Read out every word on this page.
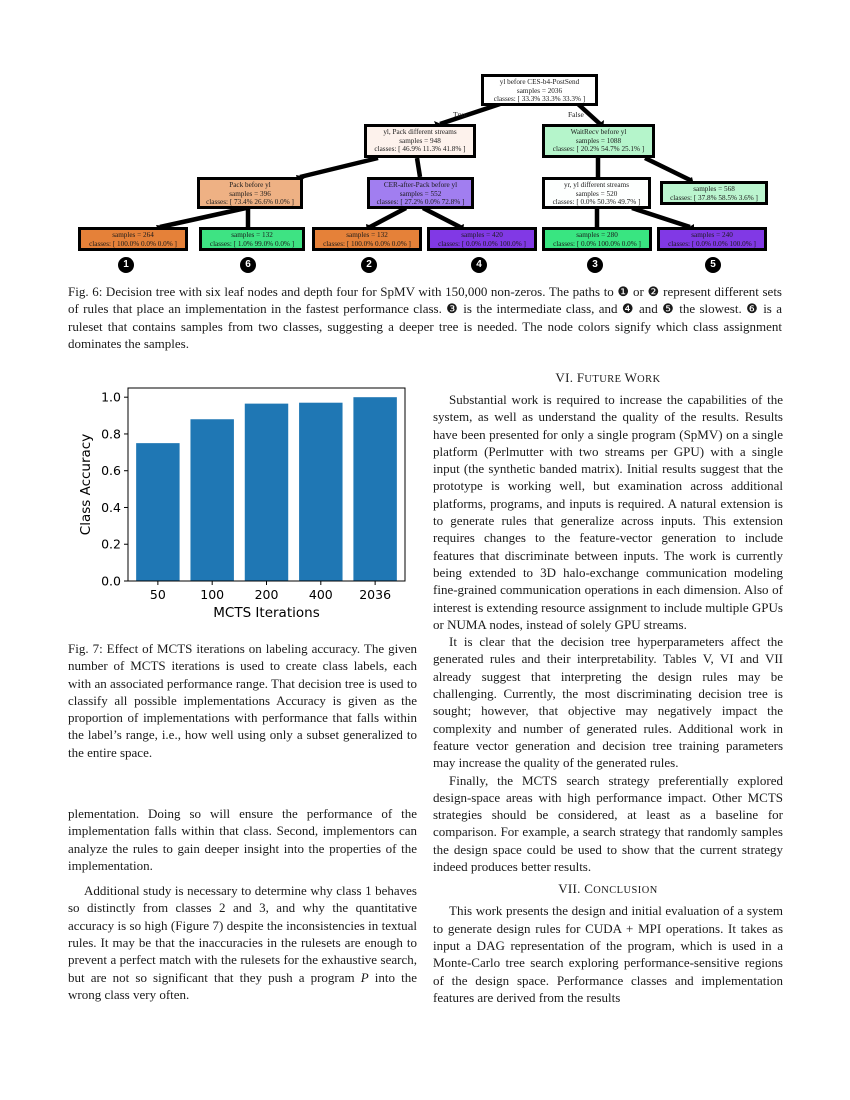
True	False
yl before CES-b4-PostSend
samples = 2036
classes: [ 33.3% 33.3% 33.3% ]
yl, Pack different streams
samples = 948
classes: [ 46.9% 11.3% 41.8% ]
WaitRecv before yl
samples = 1088
classes: [ 20.2% 54.7% 25.1% ]
Pack before yl
samples = 396
classes: [ 73.4% 26.6% 0.0% ]
CER-after-Pack before yl
samples = 552
classes: [ 27.2% 0.0% 72.8% ]
yr, yl different streams
samples = 520
classes: [ 0.0% 50.3% 49.7% ]
samples = 568
classes: [ 37.8% 58.5% 3.6% ]
samples = 264
classes: [ 100.0% 0.0% 0.0% ]
samples = 132
classes: [ 1.0% 99.0% 0.0% ]
samples = 132
classes: [ 100.0% 0.0% 0.0% ]
samples = 420
classes: [ 0.0% 0.0% 100.0% ]
samples = 280
classes: [ 0.0% 100.0% 0.0% ]
samples = 240
classes: [ 0.0% 0.0% 100.0% ]
1	6	2	4	3	5
Fig. 6: Decision tree with six leaf nodes and depth four for SpMV with 150,000 non-zeros. The paths to ❶ or ❷ represent different sets of rules that place an implementation in the fastest performance class. ❸ is the intermediate class, and ❹ and ❺ the slowest. ❻ is a ruleset that contains samples from two classes, suggesting a deeper tree is needed. The node colors signify which class assignment dominates the samples.
50	100 200 400 2036
0.0
0.2
0.4
0.6
0.8
1.0
MCTS Iterations
Class Accuracy
Fig. 7: Effect of MCTS iterations on labeling accuracy. The given number of MCTS iterations is used to create class labels, each with an associated performance range. That decision tree is used to classify all possible implementations Accuracy is given as the proportion of implementations with performance that falls within the label’s range, i.e., how well using only a subset generalized to the entire space.

plementation. Doing so will ensure the performance of the implementation falls within that class. Second, implementors can analyze the rules to gain deeper insight into the properties of the implementation.

Additional study is necessary to determine why class 1 behaves so distinctly from classes 2 and 3, and why the quantitative accuracy is so high (Figure 7) despite the inconsistencies in textual rules. It may be that the inaccuracies in the rulesets are enough to prevent a perfect match with the rulesets for the exhaustive search, but are not so significant that they push a program P into the wrong class very often.

VI. FUTURE WORK

Substantial work is required to increase the capabilities of the system, as well as understand the quality of the results. Results have been presented for only a single program (SpMV) on a single platform (Perlmutter with two streams per GPU) with a single input (the synthetic banded matrix). Initial results suggest that the prototype is working well, but examination across additional platforms, programs, and inputs is required. A natural extension is to generate rules that generalize across inputs. This extension requires changes to the feature-vector generation to include features that discriminate between inputs. The work is currently being extended to 3D halo-exchange communication modeling fine-grained communication operations in each dimension. Also of interest is extending resource assignment to include multiple GPUs or NUMA nodes, instead of solely GPU streams.

It is clear that the decision tree hyperparameters affect the generated rules and their interpretability. Tables V, VI and VII already suggest that interpreting the design rules may be challenging. Currently, the most discriminating decision tree is sought; however, that objective may negatively impact the complexity and number of generated rules. Additional work in feature vector generation and decision tree training parameters may increase the quality of the generated rules.

Finally, the MCTS search strategy preferentially explored design-space areas with high performance impact. Other MCTS strategies should be considered, at least as a baseline for comparison. For example, a search strategy that randomly samples the design space could be used to show that the current strategy indeed produces better results.

VII. CONCLUSION

This work presents the design and initial evaluation of a system to generate design rules for CUDA + MPI operations. It takes as input a DAG representation of the program, which is used in a Monte-Carlo tree search exploring performance-sensitive regions of the design space. Performance classes and implementation features are derived from the results
